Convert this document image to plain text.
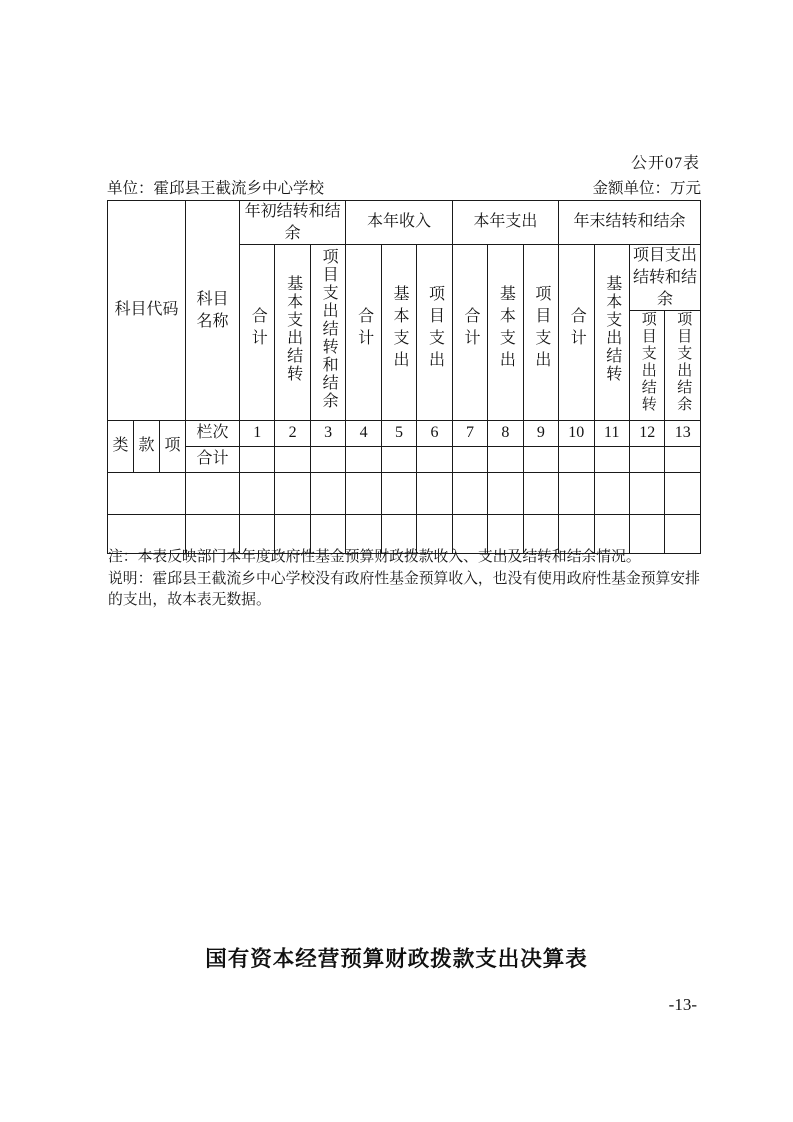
公开07表
单位：霍邱县王截流乡中心学校	金额单位：万元
科目代码			科目名称	年初结转和结余			本年收入			本年支出			年末结转和结余			
				合计	基本支出结转	项目支出结转和结余	合计	基本支出	项目支出	合计	基本支出	项目支出	合计	基本支出结转	项目支出结转和结余	
															项目支出结转	项目支出结余
类	款	项	栏次	1	2	3	4	5	6	7	8	9	10	11	12	13
			合计													

注：本表反映部门本年度政府性基金预算财政拨款收入、支出及结转和结余情况。
说明：霍邱县王截流乡中心学校没有政府性基金预算收入，也没有使用政府性基金预算安排的支出，故本表无数据。
国有资本经营预算财政拨款支出决算表
-13-
